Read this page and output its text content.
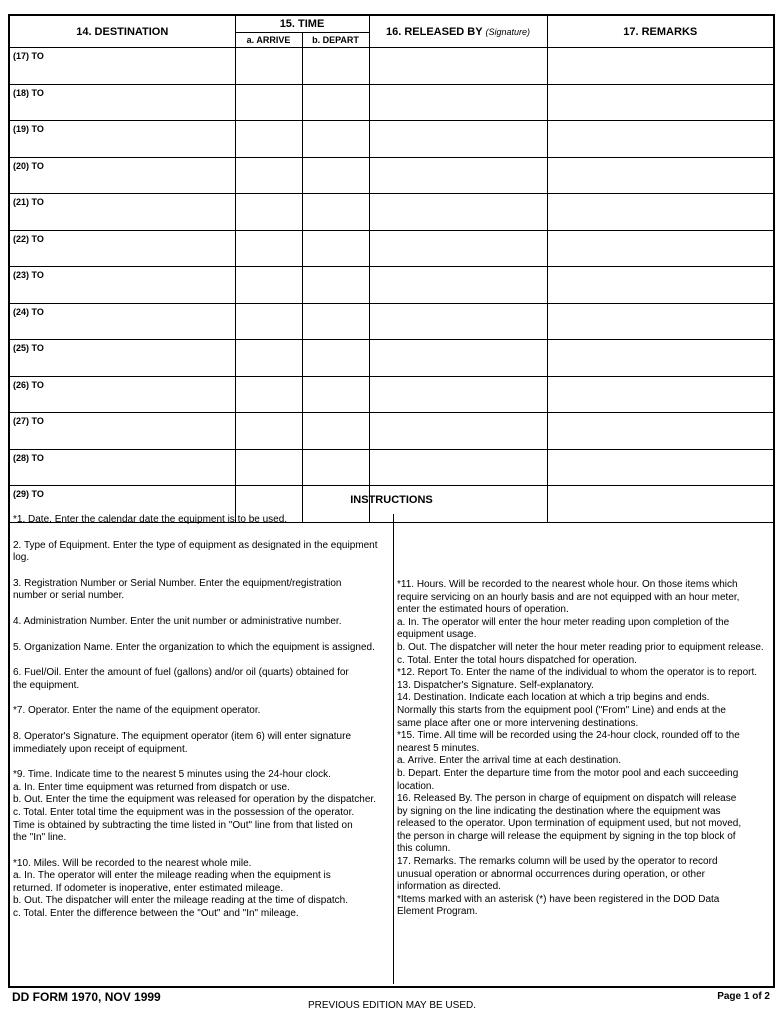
14. DESTINATION	15. TIME		16. RELEASED BY (Signature)	17. REMARKS
	a. ARRIVE	b. DEPART		
(17) TO				
(18) TO				
(19) TO				
(20) TO				
(21) TO				
(22) TO				
(23) TO				
(24) TO				
(25) TO				
(26) TO				
(27) TO				
(28) TO				
(29) TO					INSTRUCTIONS

*1. Date. Enter the calendar date the equipment is to be used.

2. Type of Equipment. Enter the type of equipment as designated in the equipment log.

3. Registration Number or Serial Number. Enter the equipment/registration
number or serial number.

4. Administration Number. Enter the unit number or administrative number.

5. Organization Name. Enter the organization to which the equipment is assigned.

6. Fuel/Oil. Enter the amount of fuel (gallons) and/or oil (quarts) obtained for
the equipment.

*7. Operator. Enter the name of the equipment operator.

8. Operator's Signature. The equipment operator (item 6) will enter signature
immediately upon receipt of equipment.

*9. Time. Indicate time to the nearest 5 minutes using the 24-hour clock.
a. In. Enter time equipment was returned from dispatch or use.
b. Out. Enter the time the equipment was released for operation by the dispatcher.
c. Total. Enter total time the equipment was in the possession of the operator.
Time is obtained by subtracting the time listed in "Out" line from that listed on
the "In" line.

*10. Miles. Will be recorded to the nearest whole mile.
a. In. The operator will enter the mileage reading when the equipment is
returned. If odometer is inoperative, enter estimated mileage.
b. Out. The dispatcher will enter the mileage reading at the time of dispatch.
c. Total. Enter the difference between the "Out" and "In" mileage.

*11. Hours. Will be recorded to the nearest whole hour. On those items which

require servicing on an hourly basis and are not equipped with an hour meter,

enter the estimated hours of operation.

a. In. The operator will enter the hour meter reading upon completion of the

equipment usage.

b. Out. The dispatcher will neter the hour meter reading prior to equipment release.

c. Total. Enter the total hours dispatched for operation.

*12. Report To. Enter the name of the individual to whom the operator is to report.

13. Dispatcher's Signature. Self-explanatory.

14. Destination. Indicate each location at which a trip begins and ends.

Normally this starts from the equipment pool ("From" Line) and ends at the

same place after one or more intervening destinations.

*15. Time. All time will be recorded using the 24-hour clock, rounded off to the

nearest 5 minutes.

a. Arrive. Enter the arrival time at each destination.

b. Depart. Enter the departure time from the motor pool and each succeeding location.

16. Released By. The person in charge of equipment on dispatch will release

by signing on the line indicating the destination where the equipment was

released to the operator. Upon termination of equipment used, but not moved,

the person in charge will release the equipment by signing in the top block of

this column.

17. Remarks. The remarks column will be used by the operator to record

unusual operation or abnormal occurrences during operation, or other

information as directed.

*Items marked with an asterisk (*) have been registered in the DOD Data

Element Program.

DD FORM 1970, NOV 1999
PREVIOUS EDITION MAY BE USED.
Page 1 of 2
